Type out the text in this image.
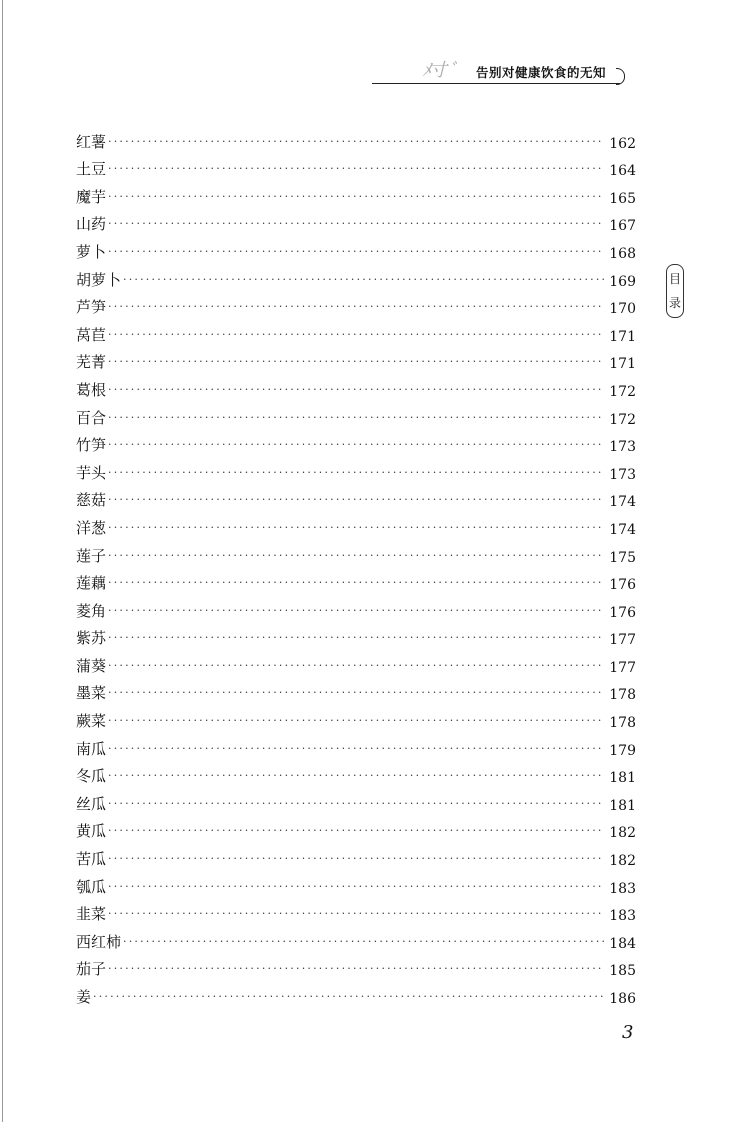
ﾒ寸 ﾞ 告别对健康饮食的无知
红薯 ·····	162
土豆 ·····	164
魔芋 ·····	165
山药 ·····	167
萝卜 ·····	168
胡萝卜 ·····	169
芦笋 ·····	170
莴苣 ·····	171
芜菁 ·····	171
葛根 ·····	172
百合 ·····	172
竹笋 ·····	173
芋头 ·····	173
慈菇 ·····	174
洋葱 ·····	174
莲子 ·····	175
莲藕 ·····	176
菱角 ·····	176
紫苏 ·····	177
蒲葵 ·····	177
墨菜 ·····	178
蕨菜 ·····	178
南瓜 ·····	179
冬瓜 ·····	181
丝瓜 ·····	181
黄瓜 ·····	182
苦瓜 ·····	182
瓠瓜 ·····	183
韭菜 ·····	183
西红柿 ·····	184
茄子 ·····	185
姜 ·····	186
目
录
3
